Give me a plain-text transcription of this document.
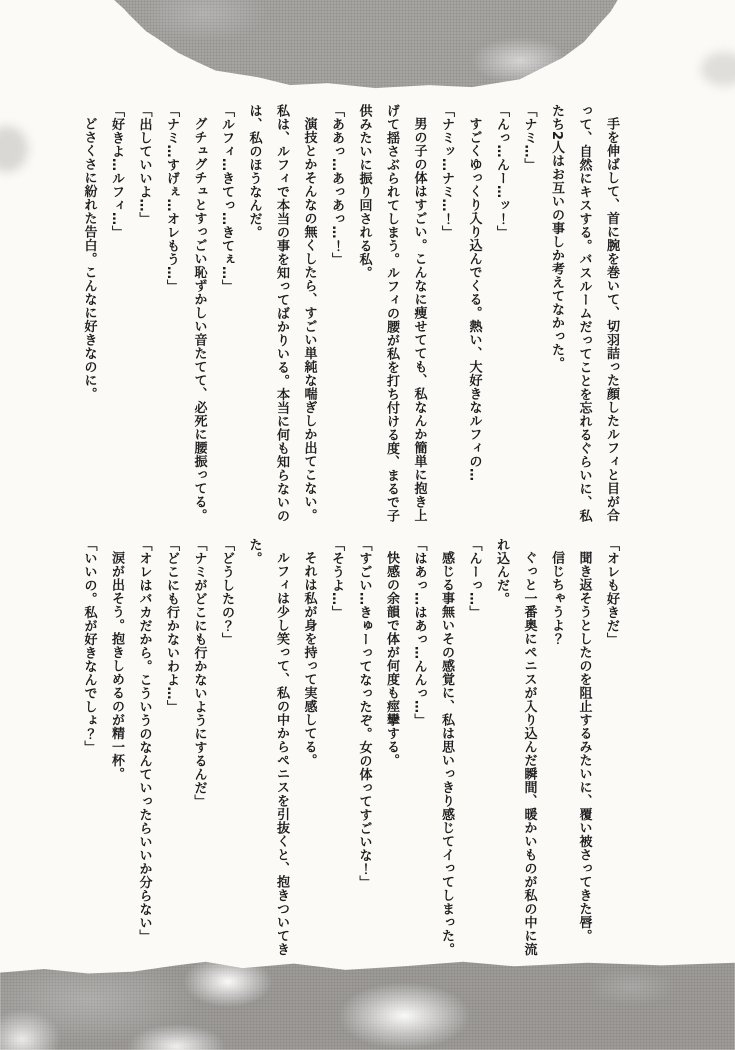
手を伸ばして、首に腕を巻いて、切羽詰った顔したルフィと目が合

って、自然にキスする。バスルームだってことを忘れるぐらいに、私

たち2人はお互いの事しか考えてなかった。

「ナミ…」

「んっ…んー…ッ！」

すごくゆっくり入り込んでくる。熱い、大好きなルフィの…

「ナミッ…ナミ…！」

男の子の体はすごい。こんなに痩せてても、私なんか簡単に抱き上

げて揺さぶられてしまう。ルフィの腰が私を打ち付ける度、まるで子

供みたいに振り回される私。

「ああっ…あっあっ…！」

演技とかそんなの無くしたら、すごい単純な喘ぎしか出てこない。

私は、ルフィで本当の事を知ってばかりいる。本当に何も知らないの

は、私のほうなんだ。

「ルフィ…きてっ…きてぇ…」

グチュグチュとすっごい恥ずかしい音たてて、必死に腰振ってる。

「ナミ…すげぇ…オレもう…」

「出していいよ…」

「好きよ…ルフィ…」

どさくさに紛れた告白。こんなに好きなのに。

「オレも好きだ」

聞き返そうとしたのを阻止するみたいに、覆い被さってきた唇。

信じちゃうよ？

ぐっと一番奥にペニスが入り込んだ瞬間、暖かいものが私の中に流

れ込んだ。

「んーっ…」

感じる事無いその感覚に、私は思いっきり感じてイってしまった。

「はあっ…はあっ…んんっ…」

快感の余韻で体が何度も痙攣する。

「すごい…きゅーってなったぞ。女の体ってすごいな！」

「そうよ…」

それは私が身を持って実感してる。

ルフィは少し笑って、私の中からペニスを引抜くと、抱きついてき

た。

「どうしたの？」

「ナミがどこにも行かないようにするんだ」

「どこにも行かないわよ…」

「オレはバカだから。こういうのなんていったらいいか分らない」

涙が出そう。抱きしめるのが精一杯。

「いいの。私が好きなんでしょ？」
